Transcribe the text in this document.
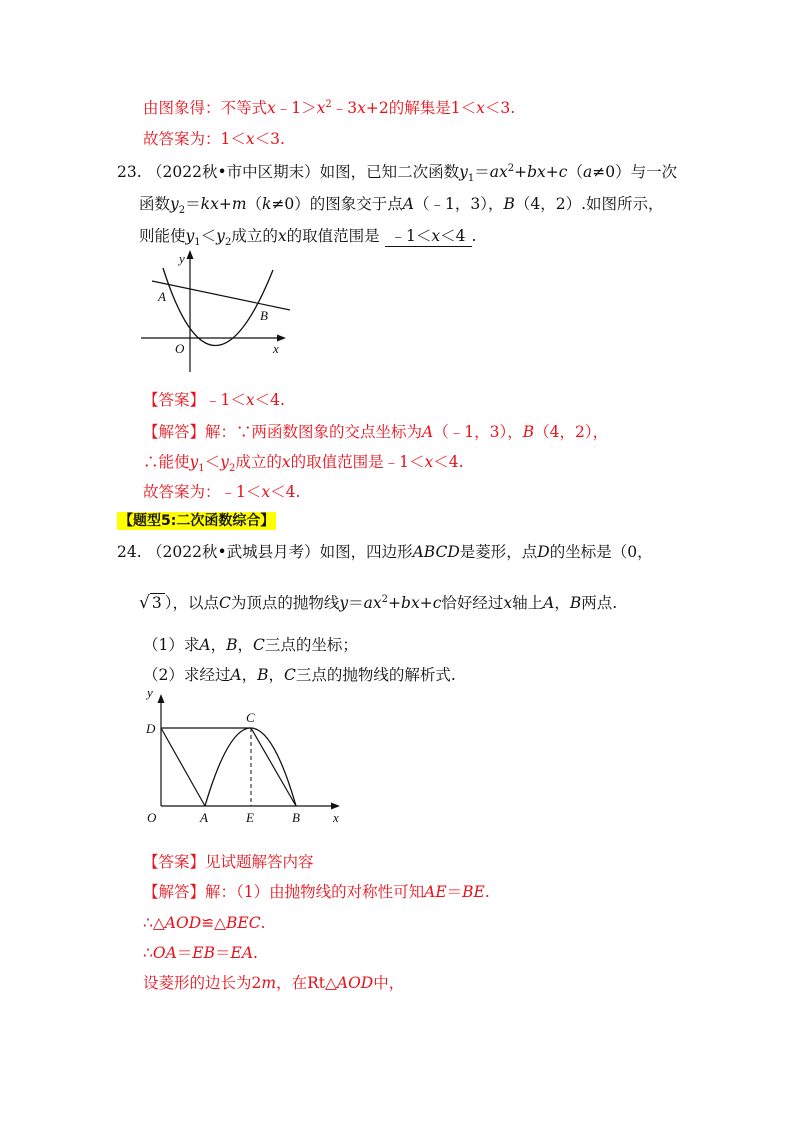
由图象得：不等式$x﹣1>x^2﹣3x+2$的解集是1＜x＜3.
故答案为：1＜x＜3.
23. （2022秋•市中区期末）如图，已知二次函数$y_1=ax^2+bx+c(a\ne 0)$与一次
函数$y_2=kx+m(k\ne 0)$的图象交于点A（﹣1，3），B（4，2）.如图所示，
则能使$y_1<y_2$成立的x的取值范围是 ﹣1＜x＜4.
y
A
B
O	x
【答案】﹣1＜x＜4.
【解答】解：∵两函数图象的交点坐标为A（﹣1，3），B（4，2），
∴能使$y_1<y_2$成立的x的取值范围是﹣1＜x＜4.
故答案为：﹣1＜x＜4.
【题型5:二次函数综合】
24. （2022秋•武城县月考）如图，四边形ABCD是菱形，点D的坐标是（0，
√ 3 ），以点C为顶点的抛物线$y=ax^2+bx+c$恰好经过x轴上A，B两点.
（1）求A，B，C三点的坐标；
（2）求经过A，B，C三点的抛物线的解析式.
y
D
C
O	A	E	B	x
【答案】见试题解答内容
【解答】解：（1）由抛物线的对称性可知AE＝BE.
∴△AOD≌△BEC.
∴OA＝EB＝EA.
设菱形的边长为2m，在Rt△AOD中，
